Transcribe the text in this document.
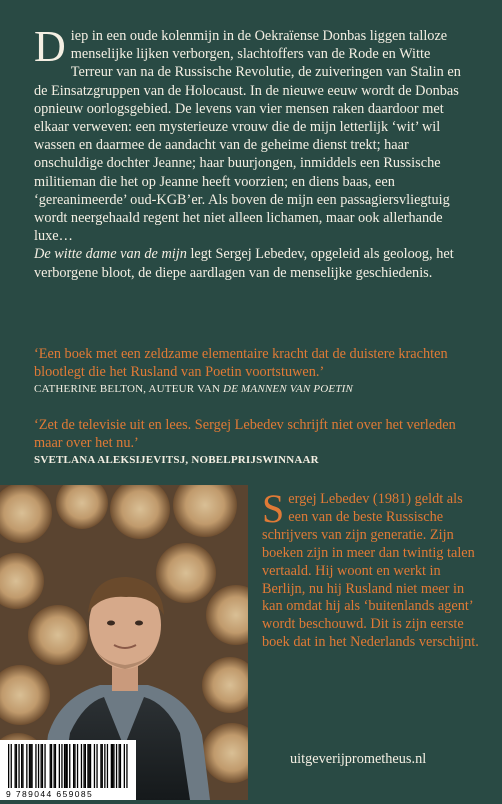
Diep in een oude kolenmijn in de Oekraïense Donbas liggen talloze menselijke lijken verborgen, slachtoffers van de Rode en Witte Terreur van na de Russische Revolutie, de zuiveringen van Stalin en de Einsatzgruppen van de Holocaust. In de nieuwe eeuw wordt de Donbas opnieuw oorlogsgebied. De levens van vier mensen raken daardoor met elkaar verweven: een mysterieuze vrouw die de mijn letterlijk ‘wit’ wil wassen en daarmee de aandacht van de geheime dienst trekt; haar onschuldige dochter Jeanne; haar buurjongen, inmiddels een Russische militieman die het op Jeanne heeft voorzien; en diens baas, een ‘gereanimeerde’ oud-KGB’er. Als boven de mijn een passagiersvliegtuig wordt neergehaald regent het niet alleen lichamen, maar ook allerhande luxe…

De witte dame van de mijn legt Sergej Lebedev, opgeleid als geoloog, het verborgene bloot, de diepe aardlagen van de menselijke geschiedenis.

‘Een boek met een zeldzame elementaire kracht dat de duistere krachten blootlegt die het Rusland van Poetin voortstuwen.’
CATHERINE BELTON, AUTEUR VAN DE MANNEN VAN POETIN
‘Zet de televisie uit en lees. Sergej Lebedev schrijft niet over het verleden maar over het nu.’
SVETLANA ALEKSIJEVITSJ, NOBELPRIJSWINNAAR
Sergej Lebedev (1981) geldt als een van de beste Russische schrijvers van zijn generatie. Zijn boeken zijn in meer dan twintig talen vertaald. Hij woont en werkt in Berlijn, nu hij Rusland niet meer in kan omdat hij als ‘buitenlands agent’ wordt beschouwd. Dit is zijn eerste boek dat in het Nederlands verschijnt.
9 789044 659085
uitgeverijprometheus.nl
